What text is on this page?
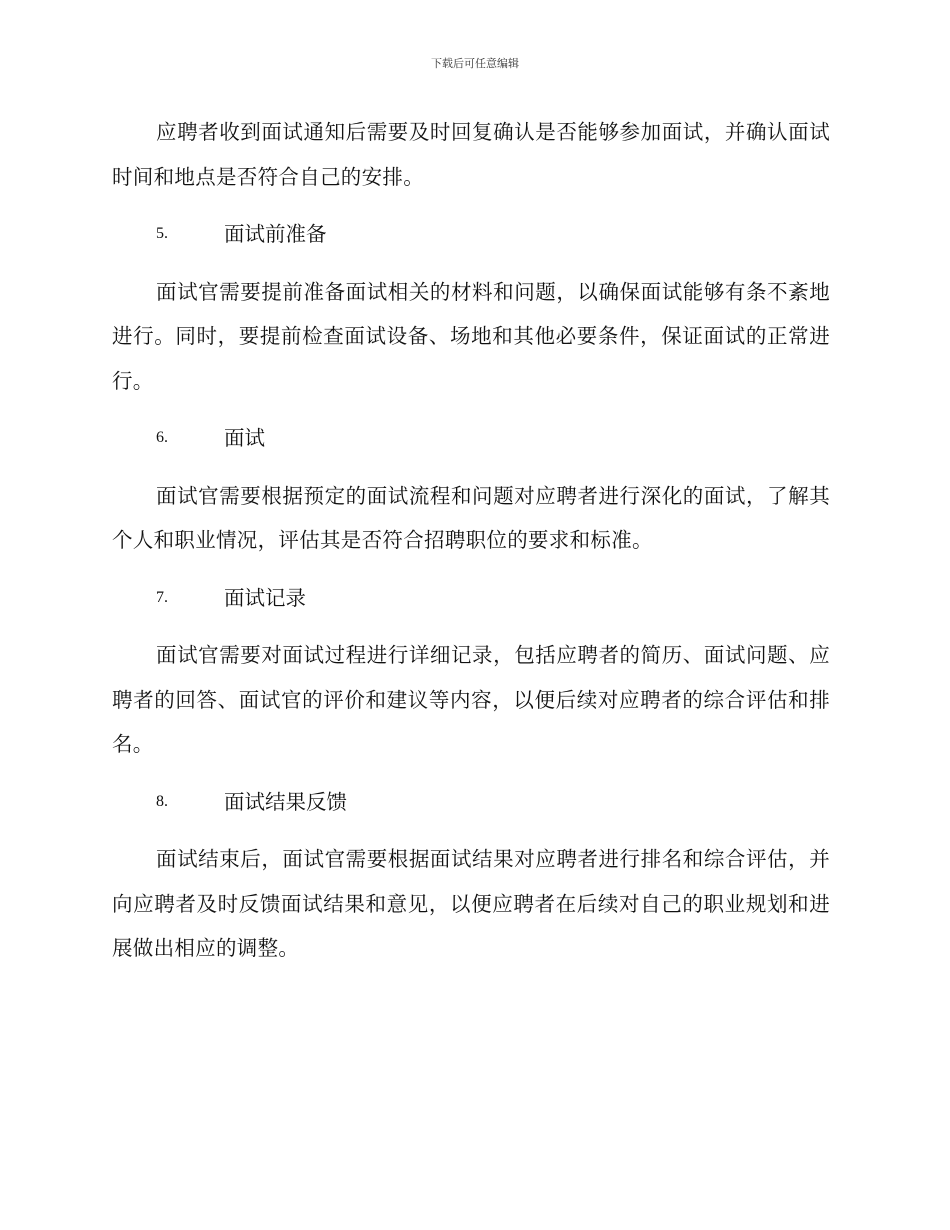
下载后可任意编辑

应聘者收到面试通知后需要及时回复确认是否能够参加面试，并确认面试时间和地点是否符合自己的安排。

5.	面试前准备

面试官需要提前准备面试相关的材料和问题，以确保面试能够有条不紊地进行。同时，要提前检查面试设备、场地和其他必要条件，保证面试的正常进行。

6.	面试

面试官需要根据预定的面试流程和问题对应聘者进行深化的面试，了解其个人和职业情况，评估其是否符合招聘职位的要求和标准。

7.	面试记录

面试官需要对面试过程进行详细记录，包括应聘者的简历、面试问题、应聘者的回答、面试官的评价和建议等内容，以便后续对应聘者的综合评估和排名。

8.	面试结果反馈

面试结束后，面试官需要根据面试结果对应聘者进行排名和综合评估，并向应聘者及时反馈面试结果和意见，以便应聘者在后续对自己的职业规划和进展做出相应的调整。
